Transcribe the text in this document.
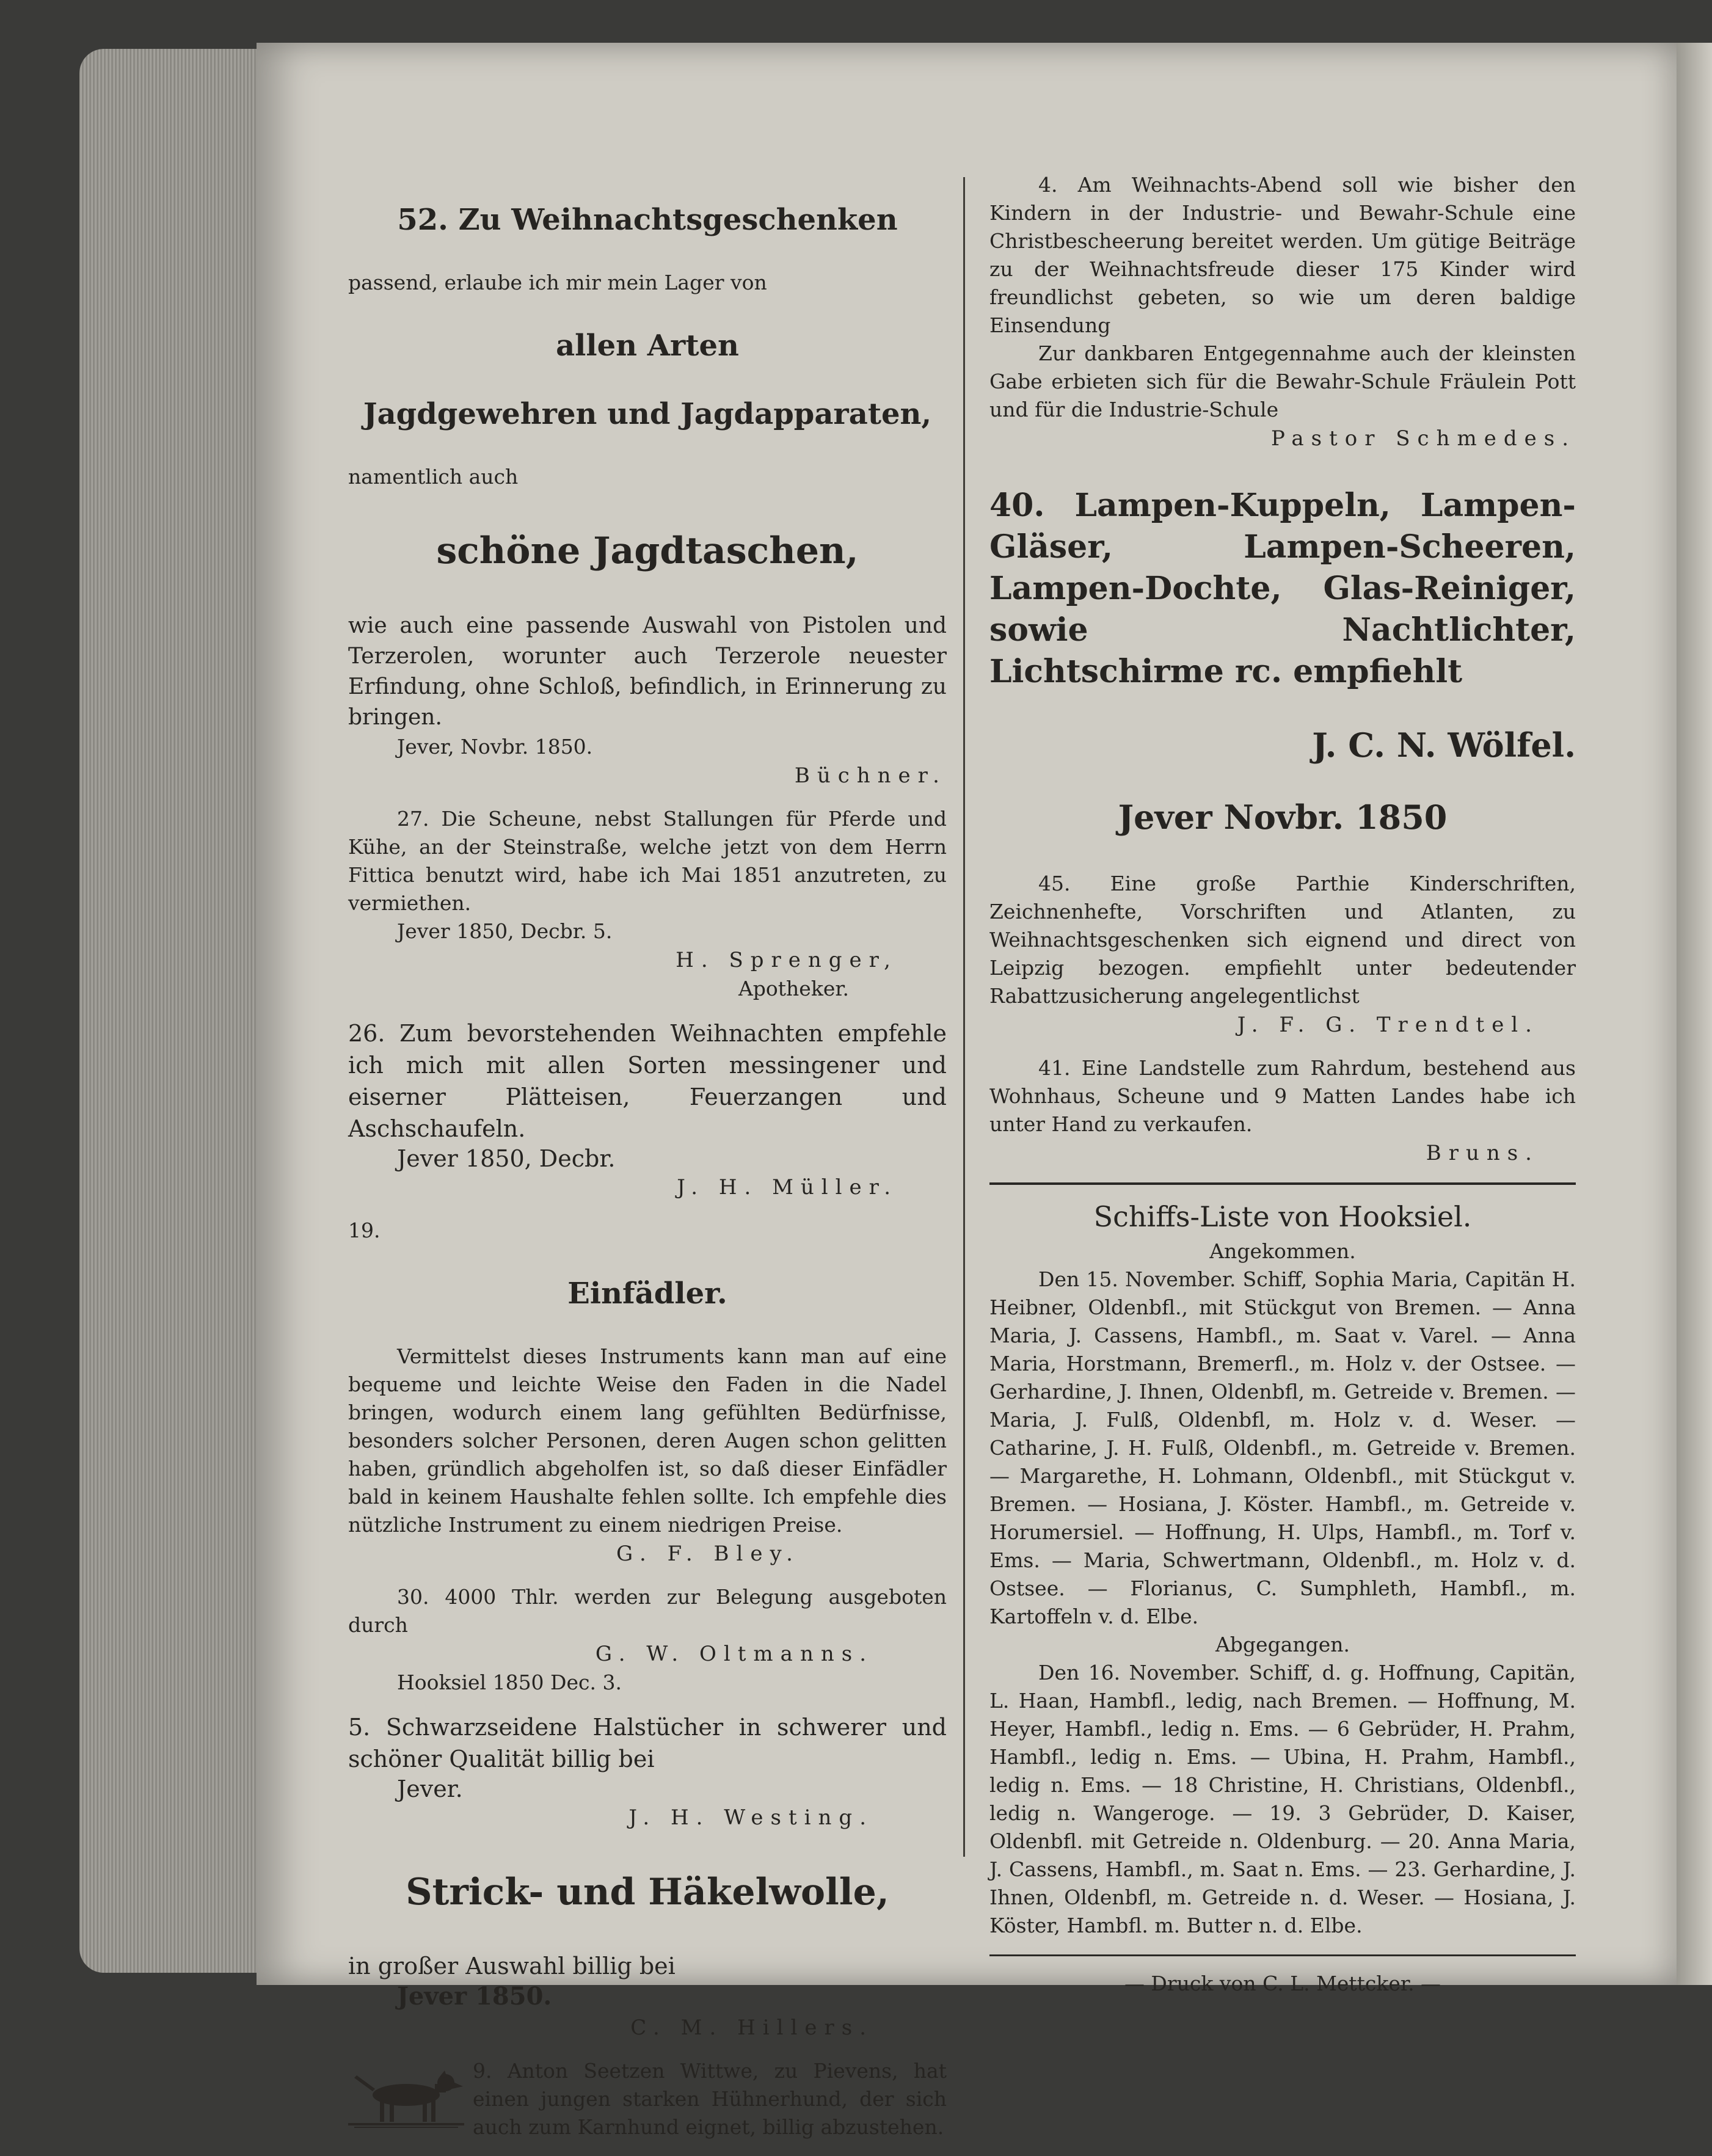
52. Zu Weihnachtsgeschenken

passend, erlaube ich mir mein Lager von

allen Arten

Jagdgewehren und Jagdapparaten,

namentlich auch

schöne Jagdtaschen,

wie auch eine passende Auswahl von Pistolen und Terzerolen, worunter auch Terzerole neuester Erfindung, ohne Schloß, befindlich, in Erinnerung zu bringen.

Jever, Novbr. 1850.

Büchner.

27. Die Scheune, nebst Stallungen für Pferde und Kühe, an der Steinstraße, welche jetzt von dem Herrn Fittica benutzt wird, habe ich Mai 1851 anzutreten, zu vermiethen.

Jever 1850, Decbr. 5.

H. Sprenger,

Apotheker.

26. Zum bevorstehenden Weihnachten empfehle ich mich mit allen Sorten messingener und eiserner Plätteisen, Feuerzangen und Aschschaufeln.

Jever 1850, Decbr.

J. H. Müller.

19.

Einfädler.

Vermittelst dieses Instruments kann man auf eine bequeme und leichte Weise den Faden in die Nadel bringen, wodurch einem lang gefühlten Bedürfnisse, besonders solcher Personen, deren Augen schon gelitten haben, gründlich abgeholfen ist, so daß dieser Einfädler bald in keinem Haushalte fehlen sollte. Ich empfehle dies nützliche Instrument zu einem niedrigen Preise.

G. F. Bley.

30. 4000 Thlr. werden zur Belegung ausgeboten durch

G. W. Oltmanns.

Hooksiel 1850 Dec. 3.

5. Schwarzseidene Halstücher in schwerer und schöner Qualität billig bei

Jever.

J. H. Westing.

Strick- und Häkelwolle,

in großer Auswahl billig bei

Jever 1850.

C. M. Hillers.

9. Anton Seetzen Wittwe, zu Pievens, hat einen jungen starken Hühnerhund, der sich auch zum Karnhund eignet, billig abzustehen.

4. Am Weihnachts-Abend soll wie bisher den Kindern in der Industrie- und Bewahr-Schule eine Christbescheerung bereitet werden. Um gütige Beiträge zu der Weihnachtsfreude dieser 175 Kinder wird freundlichst gebeten, so wie um deren baldige Einsendung

Zur dankbaren Entgegennahme auch der kleinsten Gabe erbieten sich für die Bewahr-Schule Fräulein Pott und für die Industrie-Schule

Pastor Schmedes.

40. Lampen-Kuppeln, Lampen-Gläser, Lampen-Scheeren, Lampen-Dochte, Glas-Reiniger, sowie Nachtlichter, Lichtschirme rc. empfiehlt

J. C. N. Wölfel.

Jever Novbr. 1850

45. Eine große Parthie Kinderschriften, Zeichnenhefte, Vorschriften und Atlanten, zu Weihnachtsgeschenken sich eignend und direct von Leipzig bezogen. empfiehlt unter bedeutender Rabattzusicherung angelegentlichst

J. F. G. Trendtel.

41. Eine Landstelle zum Rahrdum, bestehend aus Wohnhaus, Scheune und 9 Matten Landes habe ich unter Hand zu verkaufen.

Bruns.

Schiffs-Liste von Hooksiel.

Angekommen.

Den 15. November. Schiff, Sophia Maria, Capitän H. Heibner, Oldenbfl., mit Stückgut von Bremen. — Anna Maria, J. Cassens, Hambfl., m. Saat v. Varel. — Anna Maria, Horstmann, Bremerfl., m. Holz v. der Ostsee. — Gerhardine, J. Ihnen, Oldenbfl, m. Getreide v. Bremen. — Maria, J. Fulß, Oldenbfl, m. Holz v. d. Weser. — Catharine, J. H. Fulß, Oldenbfl., m. Getreide v. Bremen. — Margarethe, H. Lohmann, Oldenbfl., mit Stückgut v. Bremen. — Hosiana, J. Köster. Hambfl., m. Getreide v. Horumersiel. — Hoffnung, H. Ulps, Hambfl., m. Torf v. Ems. — Maria, Schwertmann, Oldenbfl., m. Holz v. d. Ostsee. — Florianus, C. Sumphleth, Hambfl., m. Kartoffeln v. d. Elbe.

Abgegangen.

Den 16. November. Schiff, d. g. Hoffnung, Capitän, L. Haan, Hambfl., ledig, nach Bremen. — Hoffnung, M. Heyer, Hambfl., ledig n. Ems. — 6 Gebrüder, H. Prahm, Hambfl., ledig n. Ems. — Ubina, H. Prahm, Hambfl., ledig n. Ems. — 18 Christine, H. Christians, Oldenbfl., ledig n. Wangeroge. — 19. 3 Gebrüder, D. Kaiser, Oldenbfl. mit Getreide n. Oldenburg. — 20. Anna Maria, J. Cassens, Hambfl., m. Saat n. Ems. — 23. Gerhardine, J. Ihnen, Oldenbfl, m. Getreide n. d. Weser. — Hosiana, J. Köster, Hambfl. m. Butter n. d. Elbe.

— Druck von C. L. Mettcker. —
